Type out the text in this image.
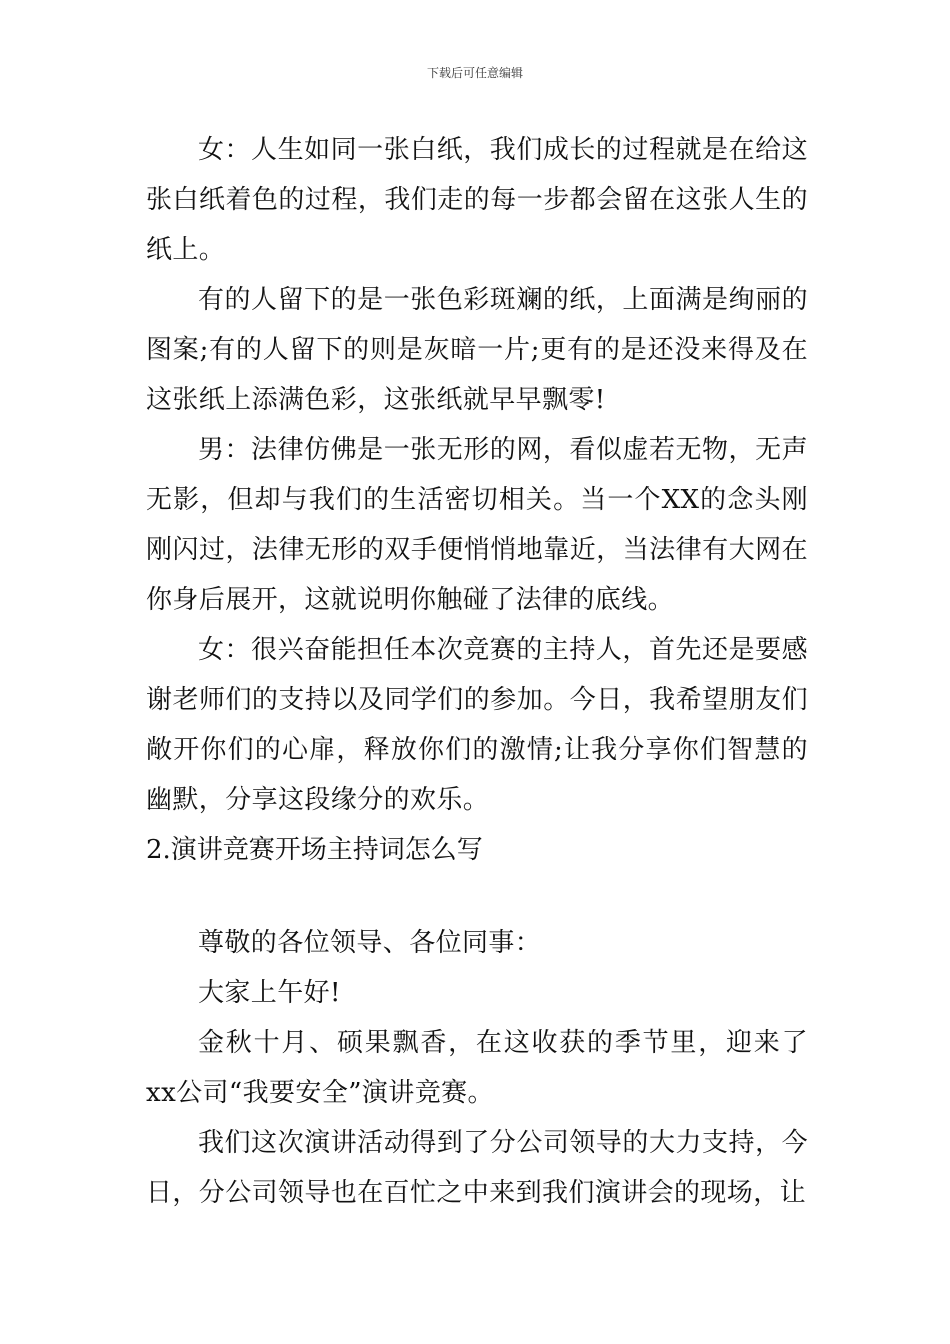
下载后可任意编辑

女：人生如同一张白纸，我们成长的过程就是在给这张白纸着色的过程，我们走的每一步都会留在这张人生的纸上。

有的人留下的是一张色彩斑斓的纸，上面满是绚丽的图案;有的人留下的则是灰暗一片;更有的是还没来得及在这张纸上添满色彩，这张纸就早早飘零!

男：法律仿佛是一张无形的网，看似虚若无物，无声无影，但却与我们的生活密切相关。当一个XX的念头刚刚闪过，法律无形的双手便悄悄地靠近，当法律有大网在你身后展开，这就说明你触碰了法律的底线。

女：很兴奋能担任本次竞赛的主持人，首先还是要感谢老师们的支持以及同学们的参加。今日，我希望朋友们敞开你们的心扉，释放你们的激情;让我分享你们智慧的幽默，分享这段缘分的欢乐。

2.演讲竞赛开场主持词怎么写

尊敬的各位领导、各位同事：

大家上午好!

金秋十月、硕果飘香，在这收获的季节里，迎来了xx公司“我要安全”演讲竞赛。

我们这次演讲活动得到了分公司领导的大力支持，今日，分公司领导也在百忙之中来到我们演讲会的现场，让
